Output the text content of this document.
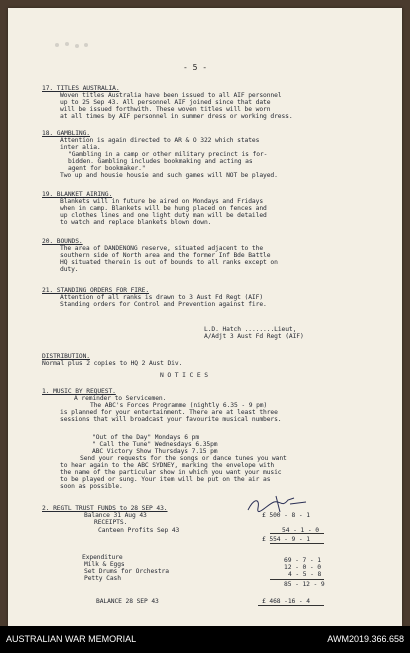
- 5 -
17. TITLES AUSTRALIA.
Woven titles Australia have been issued to all AIF personnel
up to 25 Sep 43. All personnel AIF joined since that date
will be issued forthwith. These woven titles will be worn
at all times by AIF personnel in summer dress or working dress.
18. GAMBLING.
Attention is again directed to AR & O 322 which states
inter alia.
"Gambling in a camp or other military precinct is for-
bidden. Gambling includes bookmaking and acting as
agent for bookmaker."
Two up and housie housie and such games will NOT be played.
19. BLANKET AIRING.
Blankets will in future be aired on Mondays and Fridays
when in camp. Blankets will be hung placed on fences and
up clothes lines and one light duty man will be detailed
to watch and replace blankets blown down.
20. BOUNDS.
The area of DANDENONG reserve, situated adjacent to the
southern side of North area and the former Inf Bde Battle
HQ situated therein is out of bounds to all ranks except on
duty.
21. STANDING ORDERS FOR FIRE.
Attention of all ranks is drawn to 3 Aust Fd Regt (AIF)
Standing orders for Control and Prevention against fire.
L.D. Hatch ........Lieut,
A/Adjt 3 Aust Fd Regt (AIF)
DISTRIBUTION.
Normal plus 2 copies to HQ 2 Aust Div.
N O T I C E S
1. MUSIC BY REQUEST.
A reminder to Servicemen.
The ABC's Forces Programme (nightly 6.35 - 9 pm)
is planned for your entertainment. There are at least three
sessions that will broadcast your favourite musical numbers.
"Out of the Day" Mondays 6 pm
" Call the Tune" Wednesdays 6.35pm
ABC Victory Show Thursdays 7.15 pm
Send your requests for the songs or dance tunes you want
to hear again to the ABC SYDNEY, marking the envelope with
the name of the particular show in which you want your music
to be played or sung. Your item will be put on the air as
soon as possible.
2. REGTL TRUST FUNDS to 28 SEP 43.
Balance 31 Aug 43
RECEIPTS.
Canteen Profits Sep 43
Expenditure
Milk & Eggs
Set Drums for Orchestra
Petty Cash
BALANCE 28 SEP 43
£ 500 - 8 - 1
54 - 1 - 0
£ 554 - 9 - 1
69 - 7 - 1
12 - 0 - 0
4 - 5 - 8
85 - 12 - 9
£ 468 -16 - 4
AUSTRALIAN WAR MEMORIAL	AWM2019.366.658
